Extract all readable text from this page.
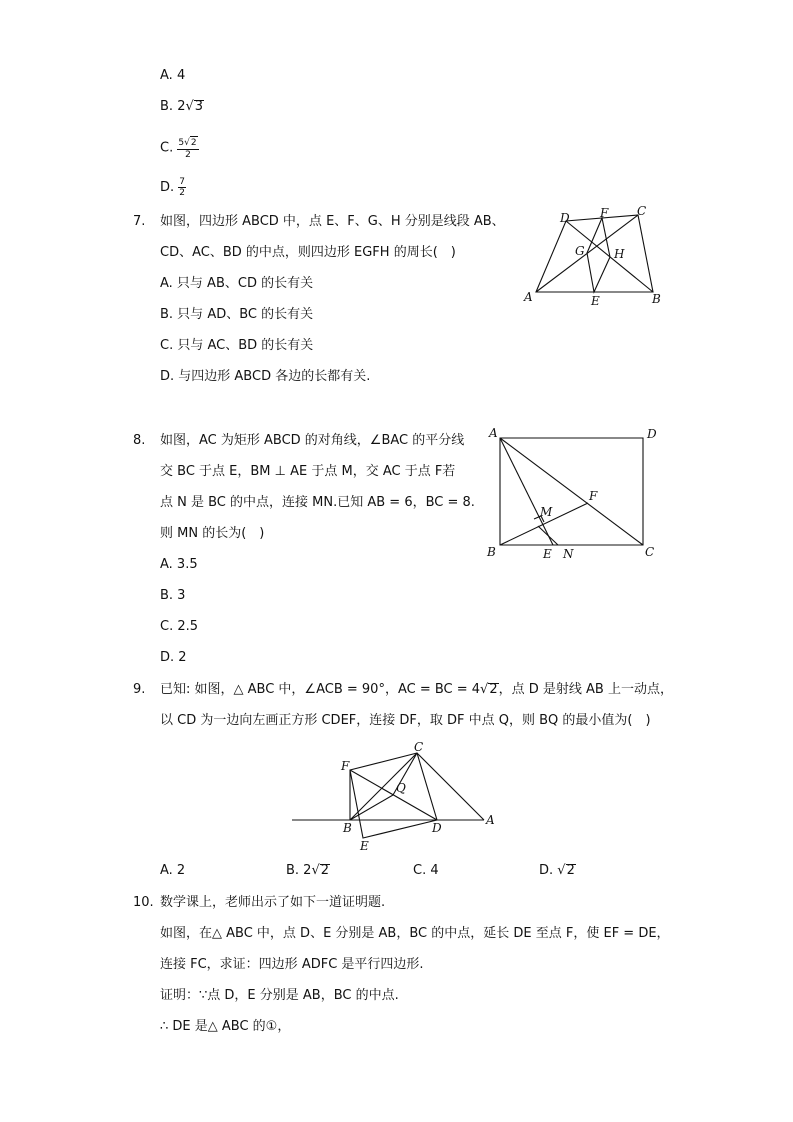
A. 4
B. 2√3
C. $\frac{5√2}{2}$
D. $\frac{7}{2}$
7. 如图，四边形 ABCD 中，点 E、F、G、H 分别是线段 AB、
CD、AC、BD 的中点，则四边形 EGFH 的周长(　)
A. 只与 AB、CD 的长有关
B. 只与 AD、BC 的长有关
C. 只与 AC、BD 的长有关
D. 与四边形 ABCD 各边的长都有关.
A	B
C
D
E
F
G H
8. 如图，AC 为矩形 ABCD 的对角线，∠BAC 的平分线
交 BC 于点 E，BM ⊥ AE 于点 M，交 AC 于点 F若
点 N 是 BC 的中点，连接 MN.已知 AB = 6，BC = 8.
则 MN 的长为(　)
A. 3.5
B. 3
C. 2.5
D. 2
A
B	C
D
E
F
M
N
9. 已知: 如图，△ ABC 中，∠ACB = 90°，AC = BC = 4√2，点 D 是射线 AB 上一动点，
以 CD 为一边向左画正方形 CDEF，连接 DF，取 DF 中点 Q，则 BQ 的最小值为(　)
A
B
C
D
E
F
Q
A. 2	B. 2√2	C. 4	D. √2
10. 数学课上，老师出示了如下一道证明题.
如图，在△ ABC 中，点 D、E 分别是 AB，BC 的中点，延长 DE 至点 F，使 EF = DE，
连接 FC，求证：四边形 ADFC 是平行四边形.
证明：∵点 D，E 分别是 AB，BC 的中点.
∴ DE 是△ ABC 的①，
